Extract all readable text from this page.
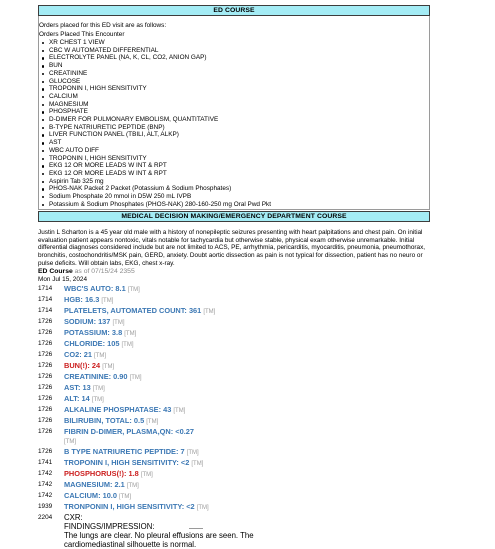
ED COURSE
Orders placed for this ED visit are as follows:
Orders Placed This Encounter
XR CHEST 1 VIEW
CBC W AUTOMATED DIFFERENTIAL
ELECTROLYTE PANEL (NA, K, CL, CO2, ANION GAP)
BUN
CREATININE
GLUCOSE
TROPONIN I, HIGH SENSITIVITY
CALCIUM
MAGNESIUM
PHOSPHATE
D-DIMER FOR PULMONARY EMBOLISM, QUANTITATIVE
B-TYPE NATRIURETIC PEPTIDE (BNP)
LIVER FUNCTION PANEL (TBILI, ALT, ALKP)
AST
WBC AUTO DIFF
TROPONIN I, HIGH SENSITIVITY
EKG 12 OR MORE LEADS W INT & RPT
EKG 12 OR MORE LEADS W INT & RPT
Aspirin Tab 325 mg
PHOS-NAK Packet 2 Packet (Potassium & Sodium Phosphates)
Sodium Phosphate 20 mmol in D5W 250 mL IVPB
Potassium & Sodium Phosphates (PHOS-NAK) 280-160-250 mg Oral Pwd Pkt
MEDICAL DECISION MAKING/EMERGENCY DEPARTMENT COURSE
Justin L Scharton is a 45 year old male with a history of nonepileptic seizures presenting with heart palpitations and chest pain. On initial evaluation patient appears nontoxic, vitals notable for tachycardia but otherwise stable, physical exam otherwise unremarkable. Initial differential diagnoses considered include but are not limited to ACS, PE, arrhythmia, pericarditis, myocarditis, pneumonia, pneumothorax, bronchitis, costochondritis/MSK pain, GERD, anxiety. Doubt aortic dissection as pain is not typical for dissection, patient has no neuro or pulse deficits. Will obtain labs, EKG, chest x-ray.
ED Course as of 07/15/24 2355
Mon Jul 15, 2024
1714 WBC'S AUTO: 8.1 [TM]
1714 HGB: 16.3 [TM]
1714 PLATELETS, AUTOMATED COUNT: 361 [TM]
1726 SODIUM: 137 [TM]
1726 POTASSIUM: 3.8 [TM]
1726 CHLORIDE: 105 [TM]
1726 CO2: 21 [TM]
1726 BUN(!): 24 [TM]
1726 CREATININE: 0.90 [TM]
1726 AST: 13 [TM]
1726 ALT: 14 [TM]
1726 ALKALINE PHOSPHATASE: 43 [TM]
1726 BILIRUBIN, TOTAL: 0.5 [TM]
1726 FIBRIN D-DIMER, PLASMA,QN: <0.27
[TM]
1726 B TYPE NATRIURETIC PEPTIDE: 7 [TM]
1741 TROPONIN I, HIGH SENSITIVITY: <2 [TM]
1742 PHOSPHORUS(!): 1.8 [TM]
1742 MAGNESIUM: 2.1 [TM]
1742 CALCIUM: 10.0 [TM]
1939 TRONPONIN I, HIGH SENSITIVITY: <2 [TM]
2204 CXR:
FINDINGS/IMPRESSION:
The lungs are clear. No pleural effusions are seen. The cardiomediastinal silhouette is normal.
